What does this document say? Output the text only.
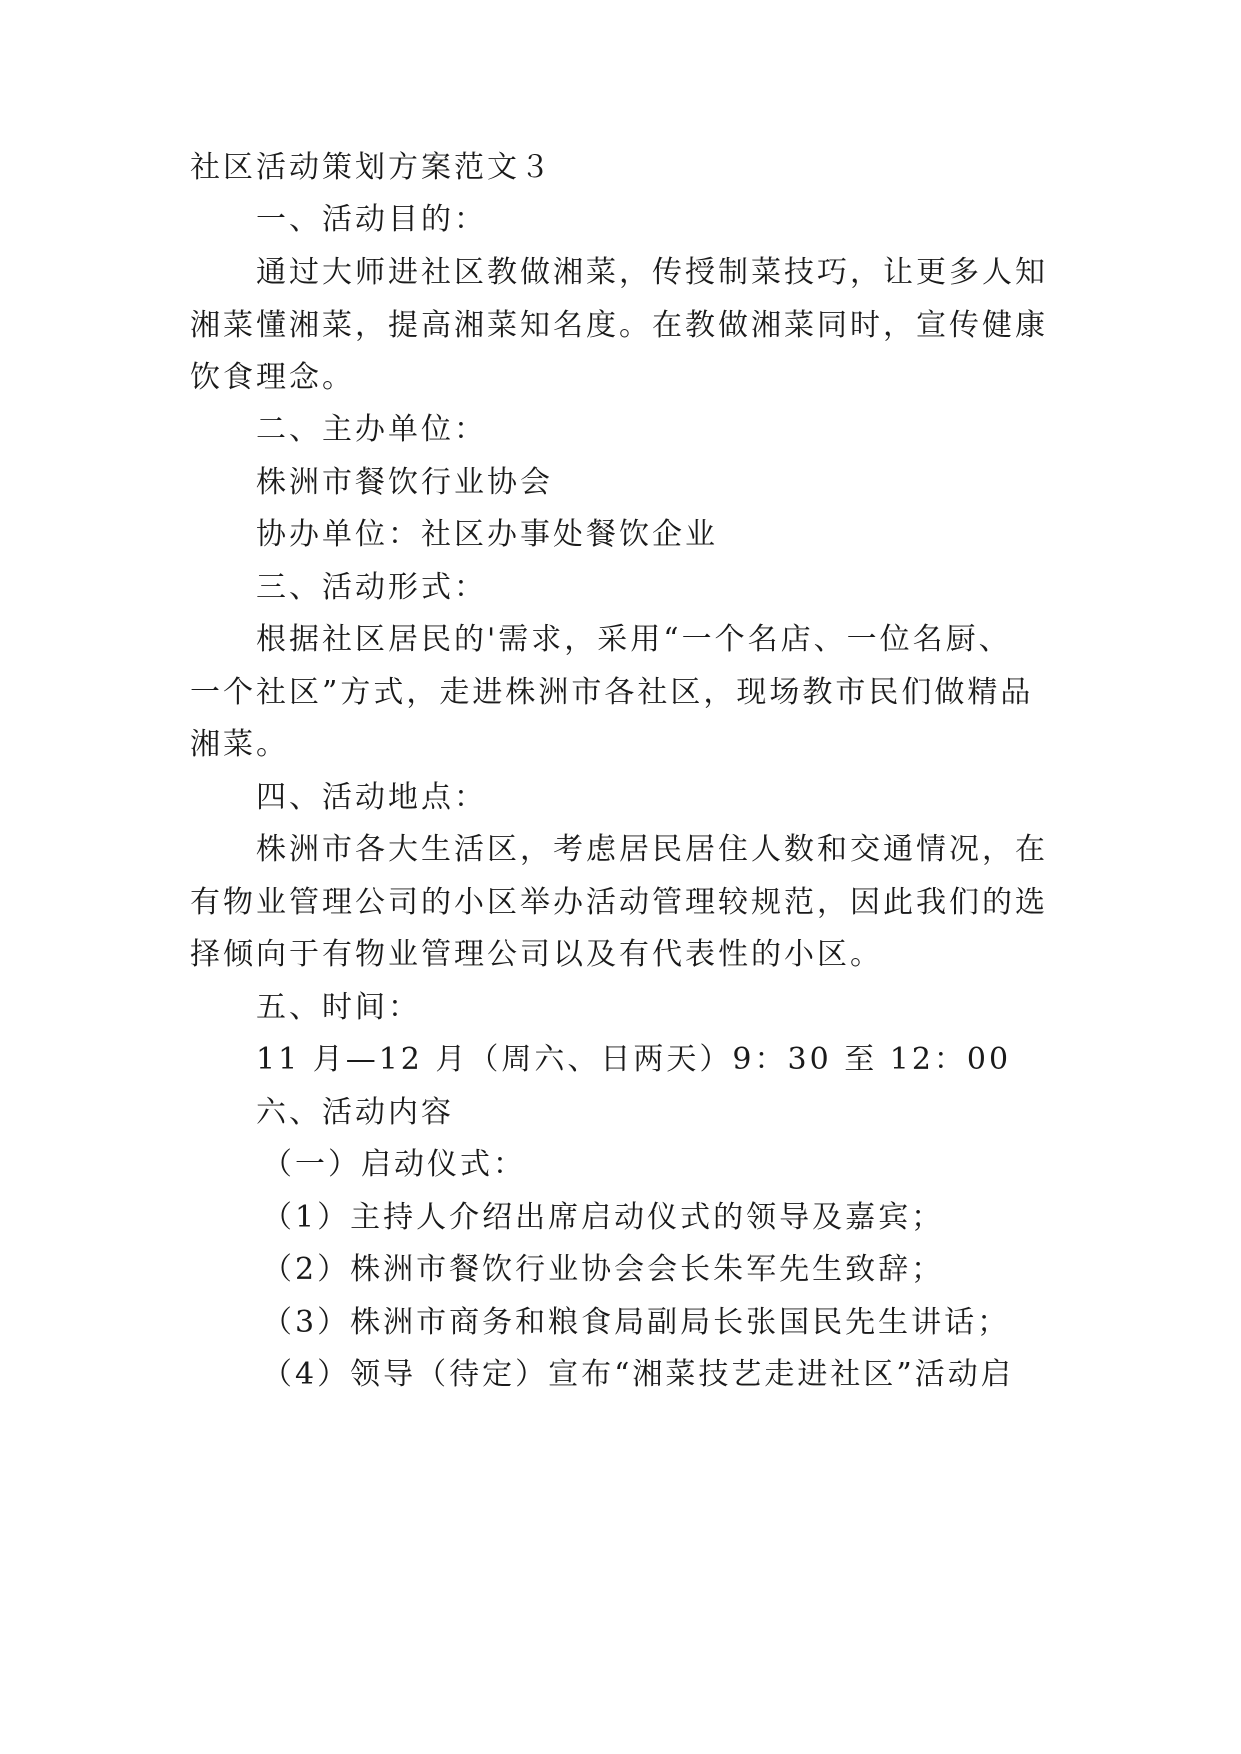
社区活动策划方案范文３
一、活动目的：
通过大师进社区教做湘菜，传授制菜技巧，让更多人知
湘菜懂湘菜，提高湘菜知名度。在教做湘菜同时，宣传健康
饮食理念。
二、主办单位：
株洲市餐饮行业协会
协办单位：社区办事处餐饮企业
三、活动形式：
根据社区居民的'需求，采用“一个名店、一位名厨、
一个社区”方式，走进株洲市各社区，现场教市民们做精品
湘菜。
四、活动地点：
株洲市各大生活区，考虑居民居住人数和交通情况，在
有物业管理公司的小区举办活动管理较规范，因此我们的选
择倾向于有物业管理公司以及有代表性的小区。
五、时间：
11 月—12 月（周六、日两天）9：30 至 12：00
六、活动内容
（一）启动仪式：
（1）主持人介绍出席启动仪式的领导及嘉宾；
（2）株洲市餐饮行业协会会长朱军先生致辞；
（3）株洲市商务和粮食局副局长张国民先生讲话；
（4）领导（待定）宣布“湘菜技艺走进社区”活动启
